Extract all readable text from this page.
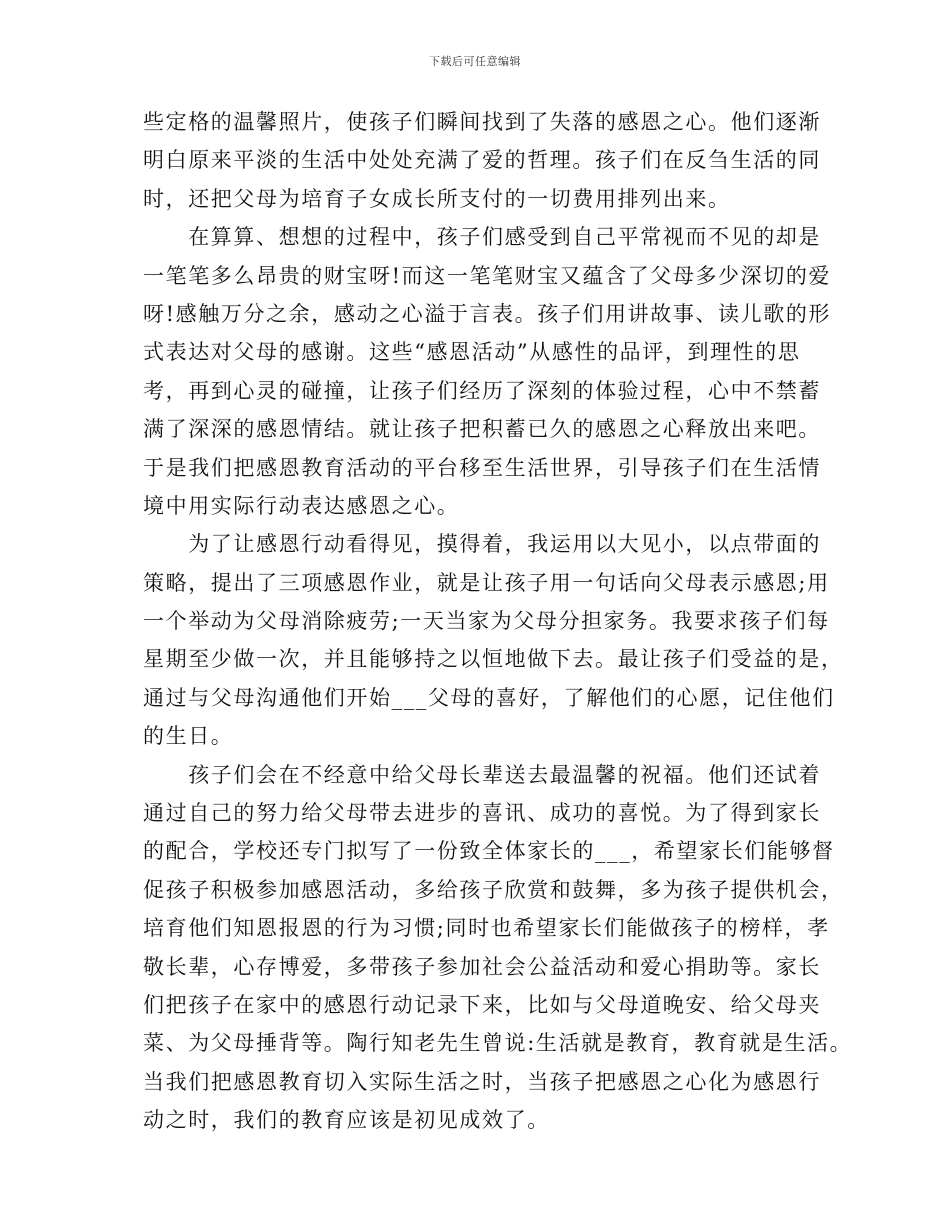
下载后可任意编辑
些定格的温馨照片，使孩子们瞬间找到了失落的感恩之心。他们逐渐
明白原来平淡的生活中处处充满了爱的哲理。孩子们在反刍生活的同
时，还把父母为培育子女成长所支付的一切费用排列出来。
　　在算算、想想的过程中，孩子们感受到自己平常视而不见的却是
一笔笔多么昂贵的财宝呀!而这一笔笔财宝又蕴含了父母多少深切的爱
呀!感触万分之余，感动之心溢于言表。孩子们用讲故事、读儿歌的形
式表达对父母的感谢。这些“感恩活动”从感性的品评，到理性的思
考，再到心灵的碰撞，让孩子们经历了深刻的体验过程，心中不禁蓄
满了深深的感恩情结。就让孩子把积蓄已久的感恩之心释放出来吧。
于是我们把感恩教育活动的平台移至生活世界，引导孩子们在生活情
境中用实际行动表达感恩之心。
　　为了让感恩行动看得见，摸得着，我运用以大见小，以点带面的
策略，提出了三项感恩作业，就是让孩子用一句话向父母表示感恩;用
一个举动为父母消除疲劳;一天当家为父母分担家务。我要求孩子们每
星期至少做一次，并且能够持之以恒地做下去。最让孩子们受益的是，
通过与父母沟通他们开始___父母的喜好，了解他们的心愿，记住他们
的生日。
　　孩子们会在不经意中给父母长辈送去最温馨的祝福。他们还试着
通过自己的努力给父母带去进步的喜讯、成功的喜悦。为了得到家长
的配合，学校还专门拟写了一份致全体家长的___，希望家长们能够督
促孩子积极参加感恩活动，多给孩子欣赏和鼓舞，多为孩子提供机会，
培育他们知恩报恩的行为习惯;同时也希望家长们能做孩子的榜样，孝
敬长辈，心存博爱，多带孩子参加社会公益活动和爱心捐助等。家长
们把孩子在家中的感恩行动记录下来，比如与父母道晚安、给父母夹
菜、为父母捶背等。陶行知老先生曾说:生活就是教育，教育就是生活。
当我们把感恩教育切入实际生活之时，当孩子把感恩之心化为感恩行
动之时，我们的教育应该是初见成效了。
